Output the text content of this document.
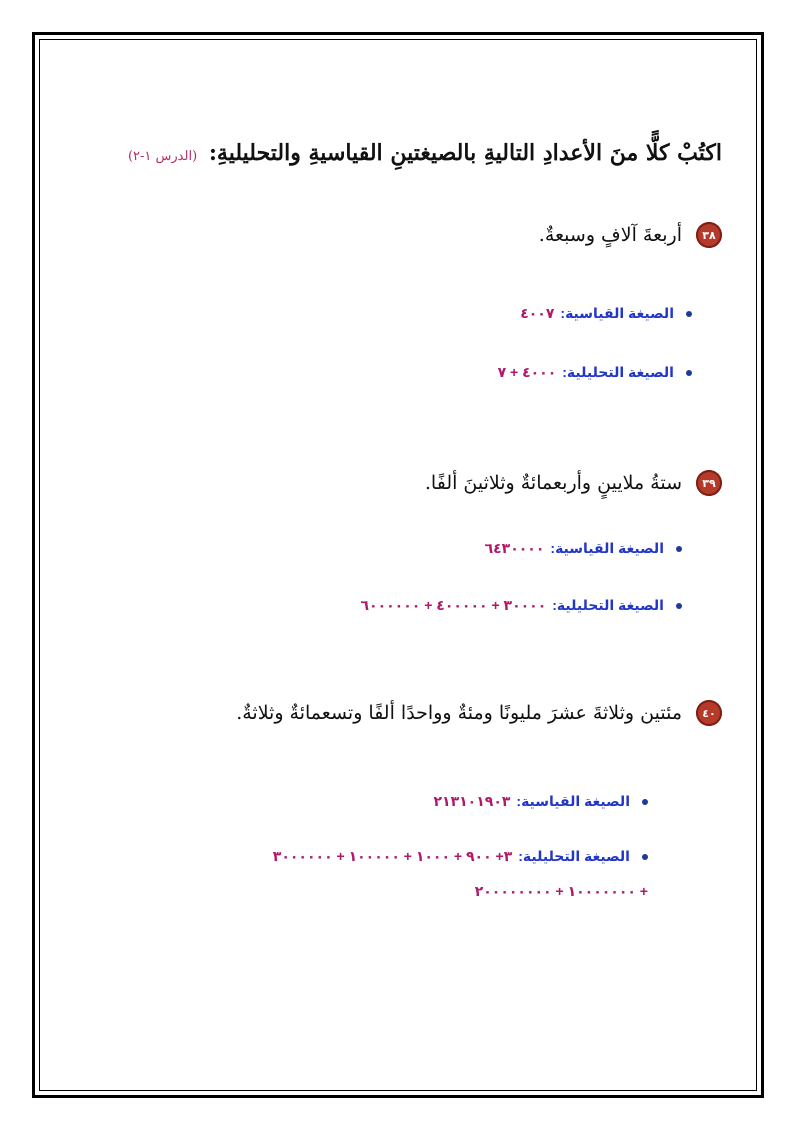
اكتُبْ كلًّا منَ الأعدادِ التاليةِ بالصيغتينِ القياسيةِ والتحليليةِ: (الدرس ١-٢)
٣٨
أربعةَ آلافٍ وسبعةٌ.
الصيغة القياسية:
٤٠٠٧
الصيغة التحليلية:
٤٠٠٠ + ٧
٣٩
ستةُ ملايينٍ وأربعمائةٌ وثلاثينَ ألفًا.
الصيغة القياسية:
٦٤٣٠٠٠٠
الصيغة التحليلية:
٣٠٠٠٠ + ٤٠٠٠٠٠ + ٦٠٠٠٠٠٠
٤٠
مئتين وثلاثةَ عشرَ مليونًا ومئةٌ وواحدًا ألفًا وتسعمائةٌ وثلاثةٌ.
الصيغة القياسية:
٢١٣١٠١٩٠٣
الصيغة التحليلية:
٣+ ٩٠٠ + ١٠٠٠ + ١٠٠٠٠٠ + ٣٠٠٠٠٠٠
+ ١٠٠٠٠٠٠٠ + ٢٠٠٠٠٠٠٠٠
